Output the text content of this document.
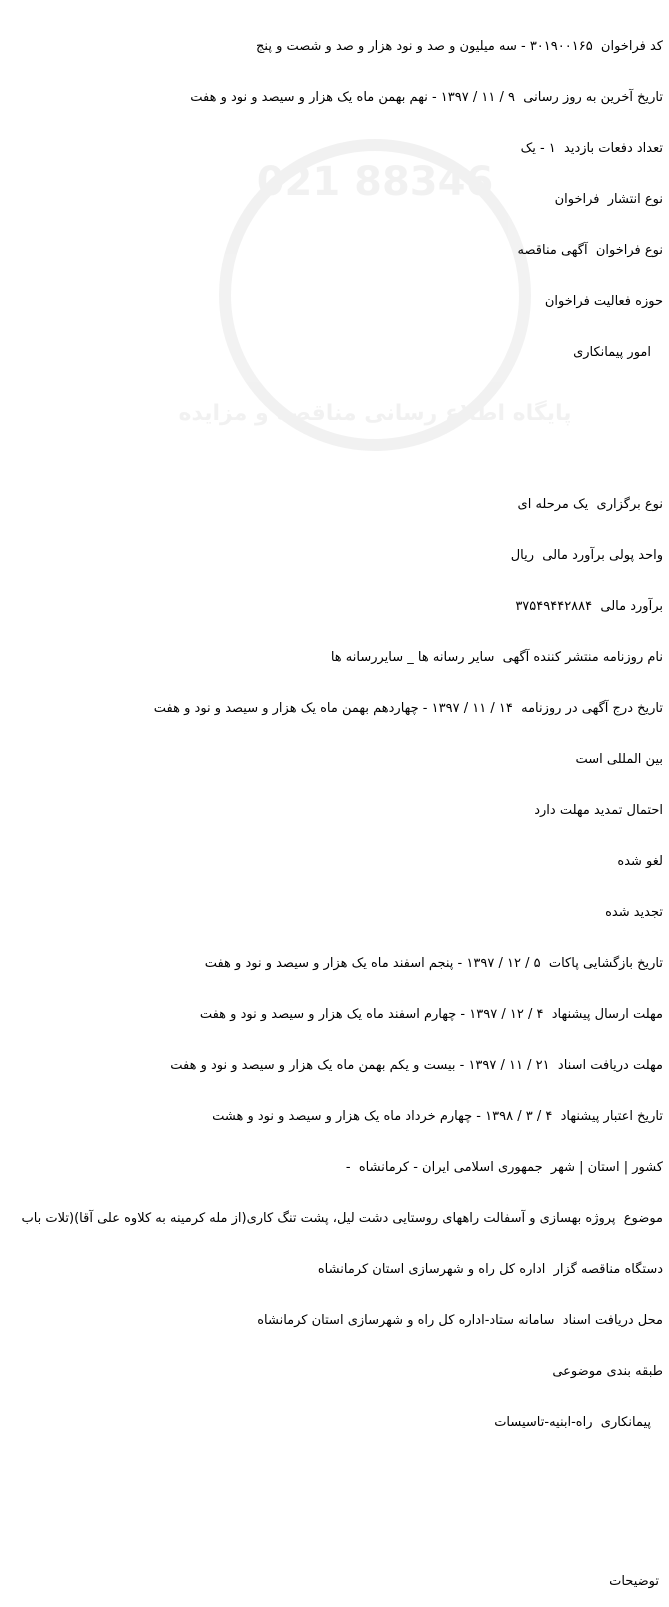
021 88346
پایگاه اطلاع رسانی مناقصه و مزایده

کد فراخوان  ۳۰۱۹۰۰۱۶۵ - سه میلیون و صد و نود هزار و صد و شصت و پنج

تاریخ آخرین به روز رسانی  ۹ / ۱۱ / ۱۳۹۷ - نهم بهمن ماه یک هزار و سیصد و نود و هفت

تعداد دفعات بازدید  ۱ - یک

نوع انتشار  فراخوان

نوع فراخوان  آگهی مناقصه

حوزه فعالیت فراخوان

امور پیمانکاری

نوع برگزاری  یک مرحله ای

واحد پولی برآورد مالی  ریال

برآورد مالی  ۳۷۵۴۹۴۴۲۸۸۴

نام روزنامه منتشر کننده آگهی  سایر رسانه ها _ سایررسانه ها

تاریخ درج آگهی در روزنامه  ۱۴ / ۱۱ / ۱۳۹۷ - چهاردهم بهمن ماه یک هزار و سیصد و نود و هفت

بین المللی است

احتمال تمدید مهلت دارد

لغو شده

تجدید شده

تاریخ بازگشایی پاکات  ۵ / ۱۲ / ۱۳۹۷ - پنجم اسفند ماه یک هزار و سیصد و نود و هفت

مهلت ارسال پیشنهاد  ۴ / ۱۲ / ۱۳۹۷ - چهارم اسفند ماه یک هزار و سیصد و نود و هفت

مهلت دریافت اسناد  ۲۱ / ۱۱ / ۱۳۹۷ - بیست و یکم بهمن ماه یک هزار و سیصد و نود و هفت

تاریخ اعتبار پیشنهاد  ۴ / ۳ / ۱۳۹۸ - چهارم خرداد ماه یک هزار و سیصد و نود و هشت

کشور | استان | شهر  جمهوری اسلامی ایران - کرمانشاه  -

موضوع  پروژه بهسازی و آسفالت راههای روستایی دشت لیل، پشت تنگ کاری(از مله کرمینه به کلاوه علی آقا)(تلات باب

دستگاه مناقصه گزار  اداره کل راه و شهرسازی استان کرمانشاه

محل دریافت اسناد  سامانه ستاد-اداره کل راه و شهرسازی استان کرمانشاه

طبقه بندی موضوعی

پیمانکاری  راه-ابنیه-تاسیسات

توضیحات
